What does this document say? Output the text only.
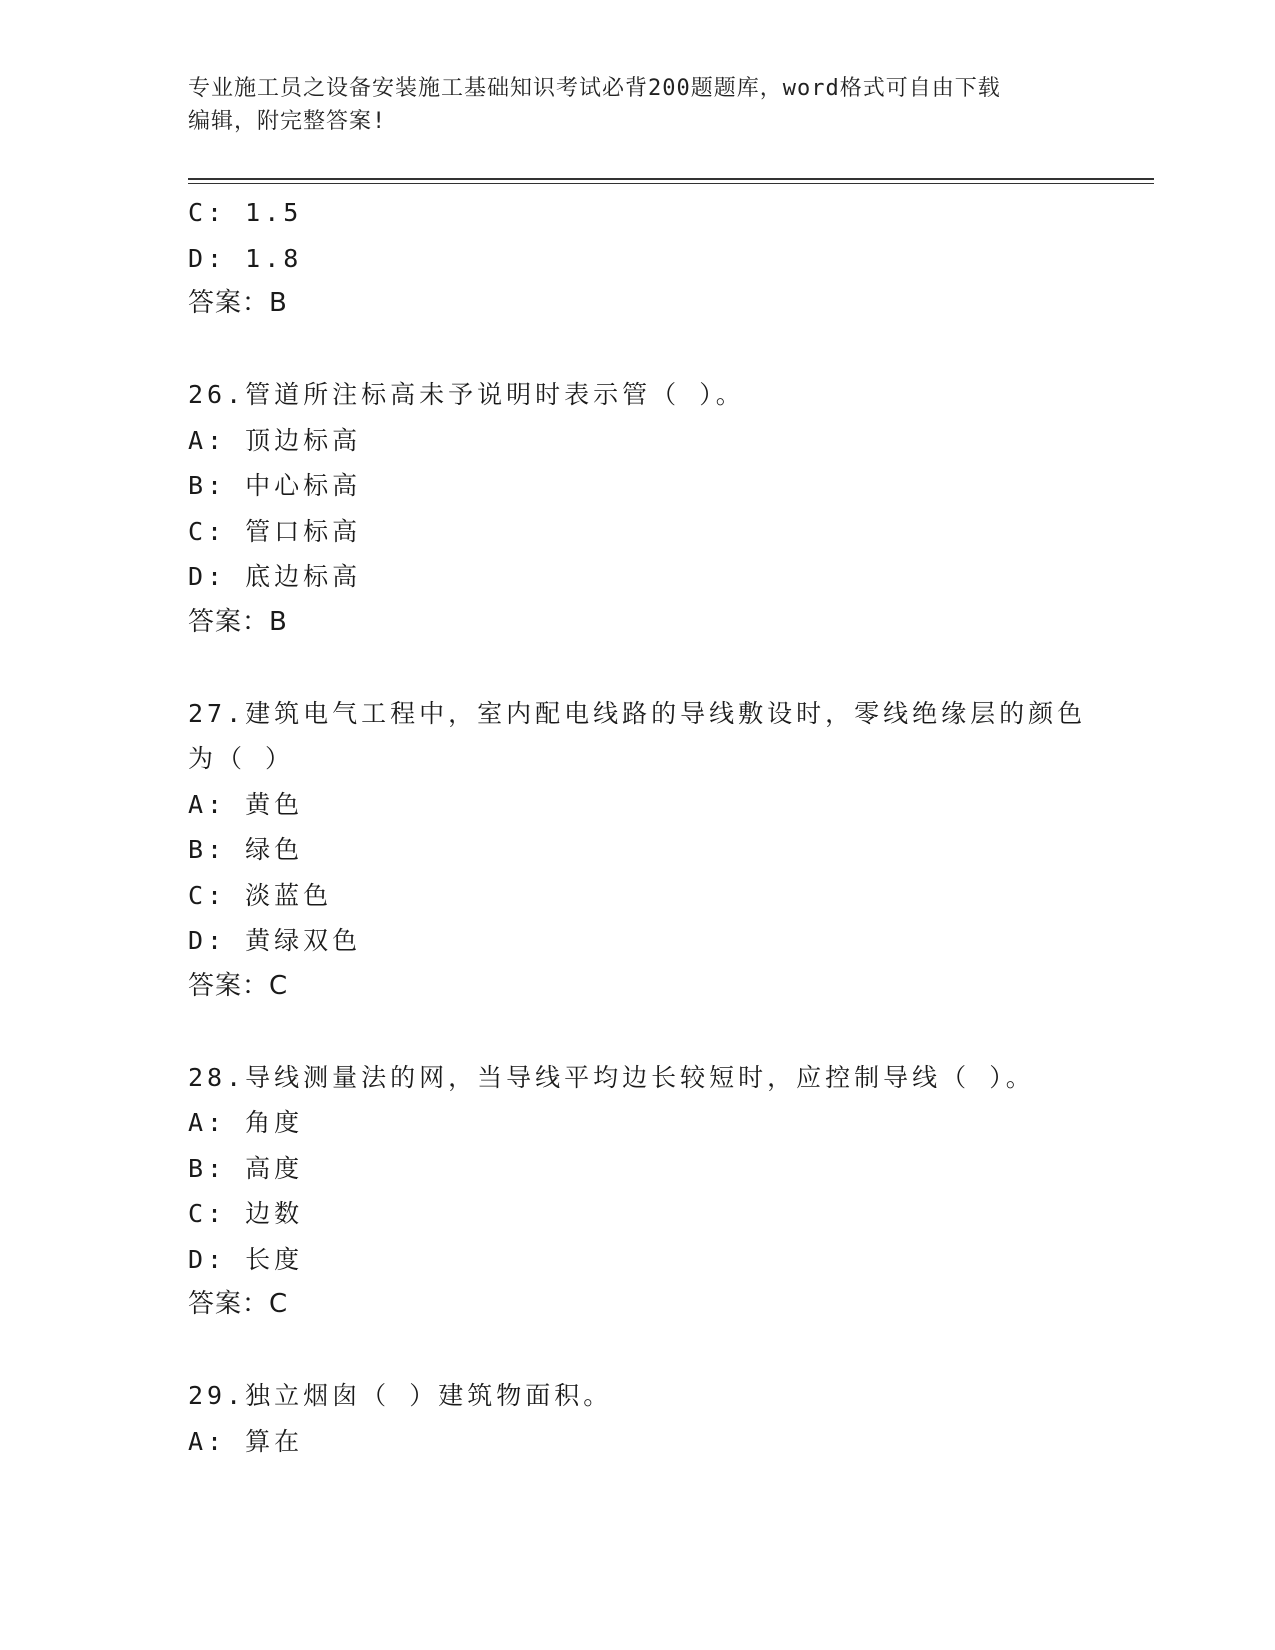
专业施工员之设备安装施工基础知识考试必背200题题库，word格式可自由下载
编辑，附完整答案!
C: 1.5
D: 1.8
答案：B
26.管道所注标高未予说明时表示管（ ）。
A: 顶边标高
B: 中心标高
C: 管口标高
D: 底边标高
答案：B
27.建筑电气工程中，室内配电线路的导线敷设时，零线绝缘层的颜色
为（ ）
A: 黄色
B: 绿色
C: 淡蓝色
D: 黄绿双色
答案：C
28.导线测量法的网，当导线平均边长较短时，应控制导线（ ）。
A: 角度
B: 高度
C: 边数
D: 长度
答案：C
29.独立烟囱（ ）建筑物面积。
A: 算在
